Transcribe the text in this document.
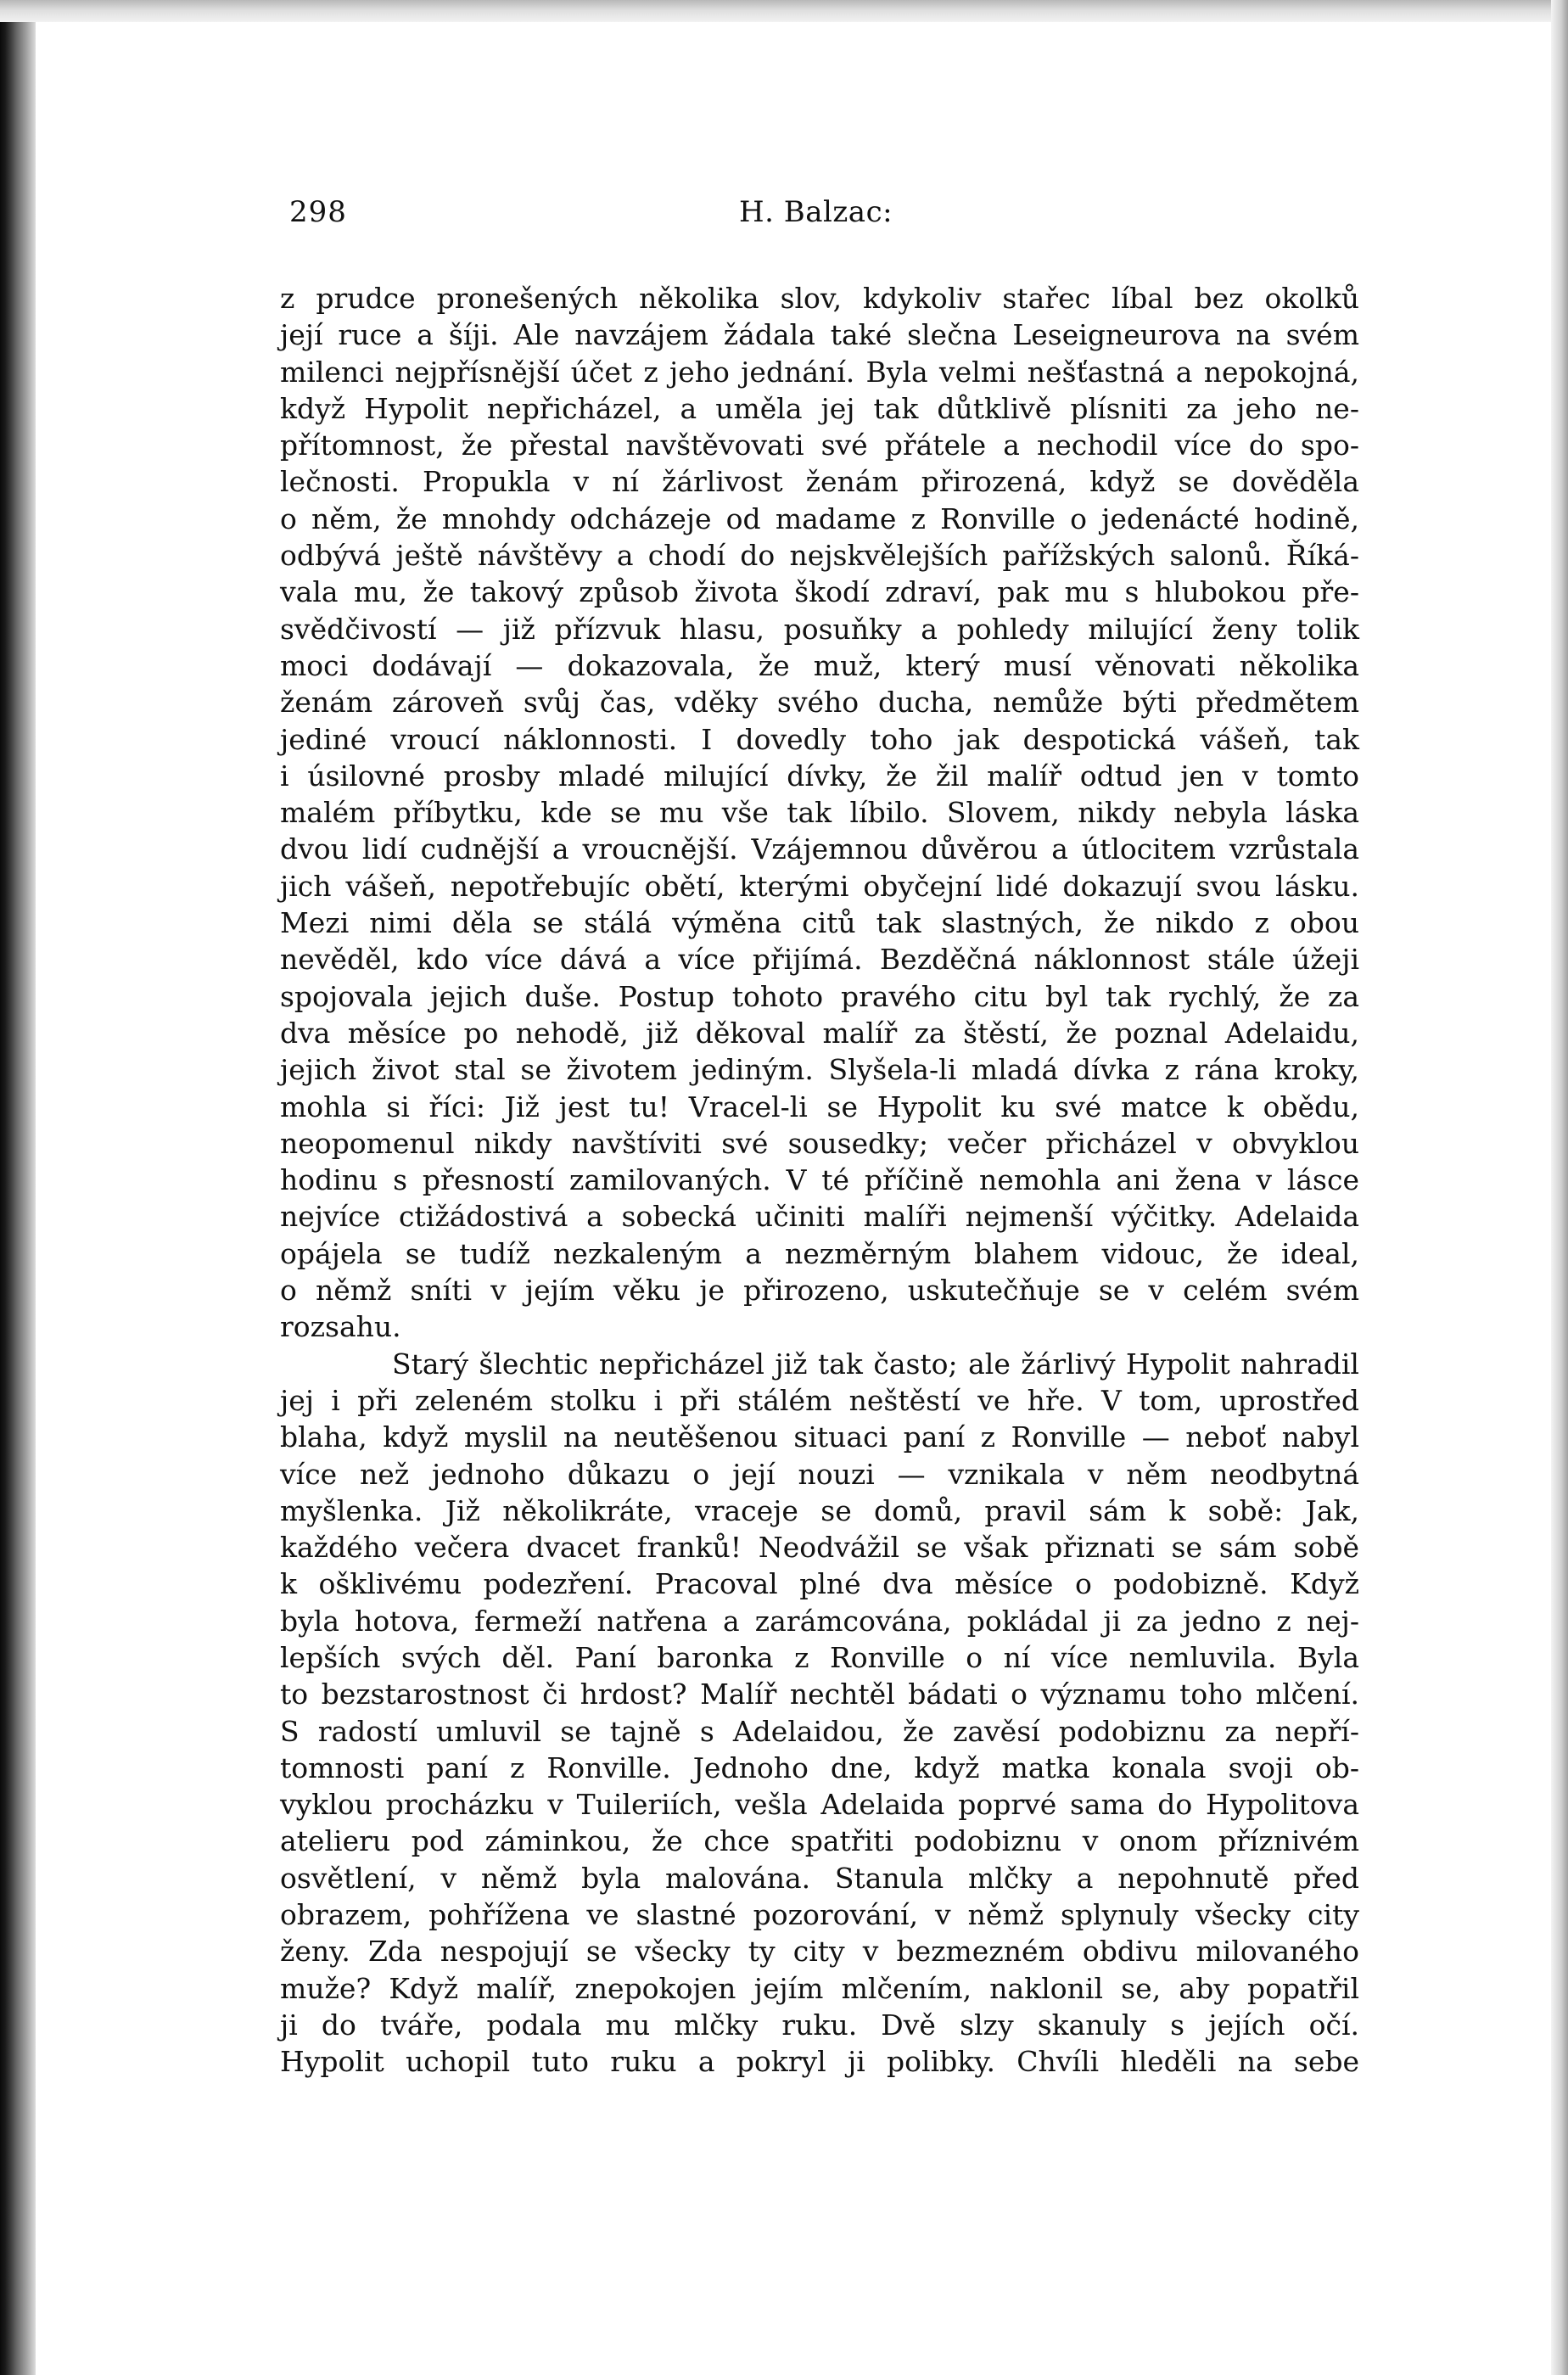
298	H. Balzac:
z prudce pronešených několika slov, kdykoliv stařec líbal bez okolků
její ruce a šíji. Ale navzájem žádala také slečna Leseigneurova na svém
milenci nejpřísnější účet z jeho jednání. Byla velmi nešťastná a nepokojná,
když Hypolit nepřicházel, a uměla jej tak důtklivě plísniti za jeho ne-
přítomnost, že přestal navštěvovati své přátele a nechodil více do spo-
lečnosti. Propukla v ní žárlivost ženám přirozená, když se dověděla
o něm, že mnohdy odcházeje od madame z Ronville o jedenácté hodině,
odbývá ještě návštěvy a chodí do nejskvělejších pařížských salonů. Říká-
vala mu, že takový způsob života škodí zdraví, pak mu s hlubokou pře-
svědčivostí — již přízvuk hlasu, posuňky a pohledy milující ženy tolik
moci dodávají — dokazovala, že muž, který musí věnovati několika
ženám zároveň svůj čas, vděky svého ducha, nemůže býti předmětem
jediné vroucí náklonnosti. I dovedly toho jak despotická vášeň, tak
i úsilovné prosby mladé milující dívky, že žil malíř odtud jen v tomto
malém příbytku, kde se mu vše tak líbilo. Slovem, nikdy nebyla láska
dvou lidí cudnější a vroucnější. Vzájemnou důvěrou a útlocitem vzrůstala
jich vášeň, nepotřebujíc obětí, kterými obyčejní lidé dokazují svou lásku.
Mezi nimi děla se stálá výměna citů tak slastných, že nikdo z obou
nevěděl, kdo více dává a více přijímá. Bezděčná náklonnost stále úžeji
spojovala jejich duše. Postup tohoto pravého citu byl tak rychlý, že za
dva měsíce po nehodě, již děkoval malíř za štěstí, že poznal Adelaidu,
jejich život stal se životem jediným. Slyšela-li mladá dívka z rána kroky,
mohla si říci: Již jest tu! Vracel-li se Hypolit ku své matce k obědu,
neopomenul nikdy navštíviti své sousedky; večer přicházel v obvyklou
hodinu s přesností zamilovaných. V té příčině nemohla ani žena v lásce
nejvíce ctižádostivá a sobecká učiniti malíři nejmenší výčitky. Adelaida
opájela se tudíž nezkaleným a nezměrným blahem vidouc, že ideal,
o němž sníti v jejím věku je přirozeno, uskutečňuje se v celém svém
rozsahu.
Starý šlechtic nepřicházel již tak často; ale žárlivý Hypolit nahradil
jej i při zeleném stolku i při stálém neštěstí ve hře. V tom, uprostřed
blaha, když myslil na neutěšenou situaci paní z Ronville — neboť nabyl
více než jednoho důkazu o její nouzi — vznikala v něm neodbytná
myšlenka. Již několikráte, vraceje se domů, pravil sám k sobě: Jak,
každého večera dvacet franků! Neodvážil se však přiznati se sám sobě
k ošklivému podezření. Pracoval plné dva měsíce o podobizně. Když
byla hotova, fermeží natřena a zarámcována, pokládal ji za jedno z nej-
lepších svých děl. Paní baronka z Ronville o ní více nemluvila. Byla
to bezstarostnost či hrdost? Malíř nechtěl bádati o významu toho mlčení.
S radostí umluvil se tajně s Adelaidou, že zavěsí podobiznu za nepří-
tomnosti paní z Ronville. Jednoho dne, když matka konala svoji ob-
vyklou procházku v Tuileriích, vešla Adelaida poprvé sama do Hypolitova
atelieru pod záminkou, že chce spatřiti podobiznu v onom příznivém
osvětlení, v němž byla malována. Stanula mlčky a nepohnutě před
obrazem, pohřížena ve slastné pozorování, v němž splynuly všecky city
ženy. Zda nespojují se všecky ty city v bezmezném obdivu milovaného
muže? Když malíř, znepokojen jejím mlčením, naklonil se, aby popatřil
ji do tváře, podala mu mlčky ruku. Dvě slzy skanuly s jejích očí.
Hypolit uchopil tuto ruku a pokryl ji polibky. Chvíli hleděli na sebe
